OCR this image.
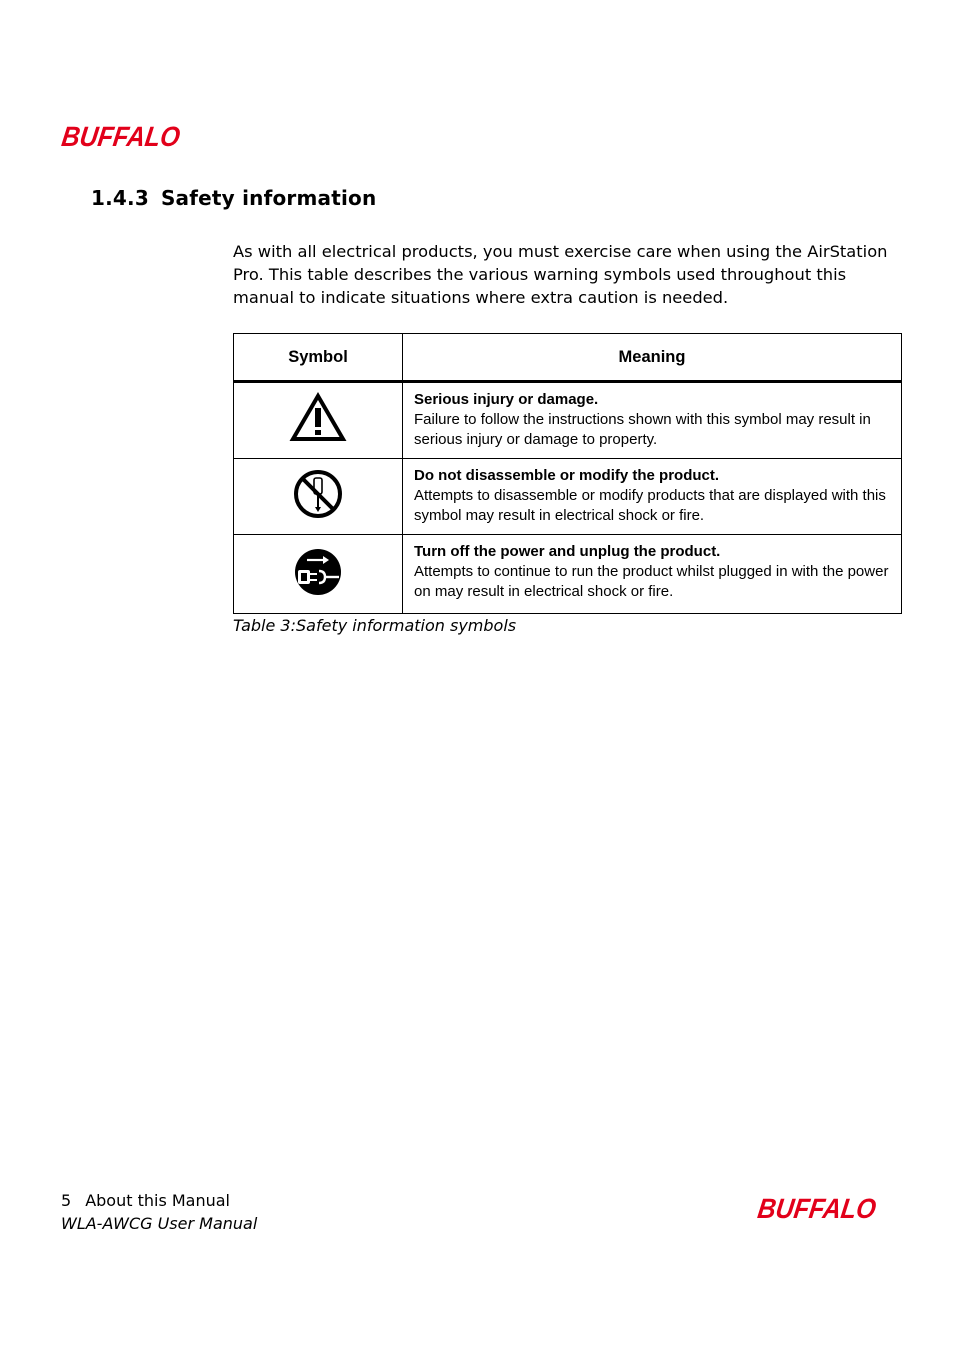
BUFFALO
1.4.3 Safety information
As with all electrical products, you must exercise care when using the AirStation Pro. This table describes the various warning symbols used throughout this manual to indicate situations where extra caution is needed.
Symbol	Meaning

Serious injury or damage.
Failure to follow the instructions shown with this symbol may result in serious injury or damage to property.

Do not disassemble or modify the product.
Attempts to disassemble or modify products that are displayed with this symbol may result in electrical shock or fire.

Turn off the power and unplug the product.
Attempts to continue to run the product whilst plugged in with the power on may result in electrical shock or fire.
Table 3:Safety information symbols
5 About this Manual
WLA-AWCG User Manual	BUFFALO
